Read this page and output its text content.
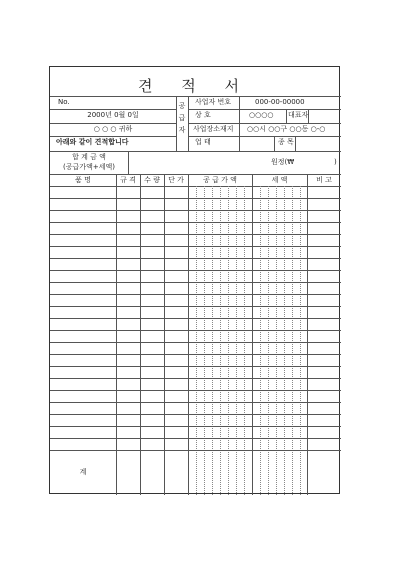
견 적 서
No.
2000년 0월 0일
○ ○ ○ 귀하
아래와 같이 견적합니다
공급자
사업자 번호	000-00-00000
상 호	○○○○ 대표자
사업장소재지 ○○시 ○○구 ○○동 ○-○
업 태	종 목
합 계 금 액
(공급가액+세액)
원정(₩	)
품 명	규 격	수 량	단 가	공 급 가 액	세 액	비 고
계
